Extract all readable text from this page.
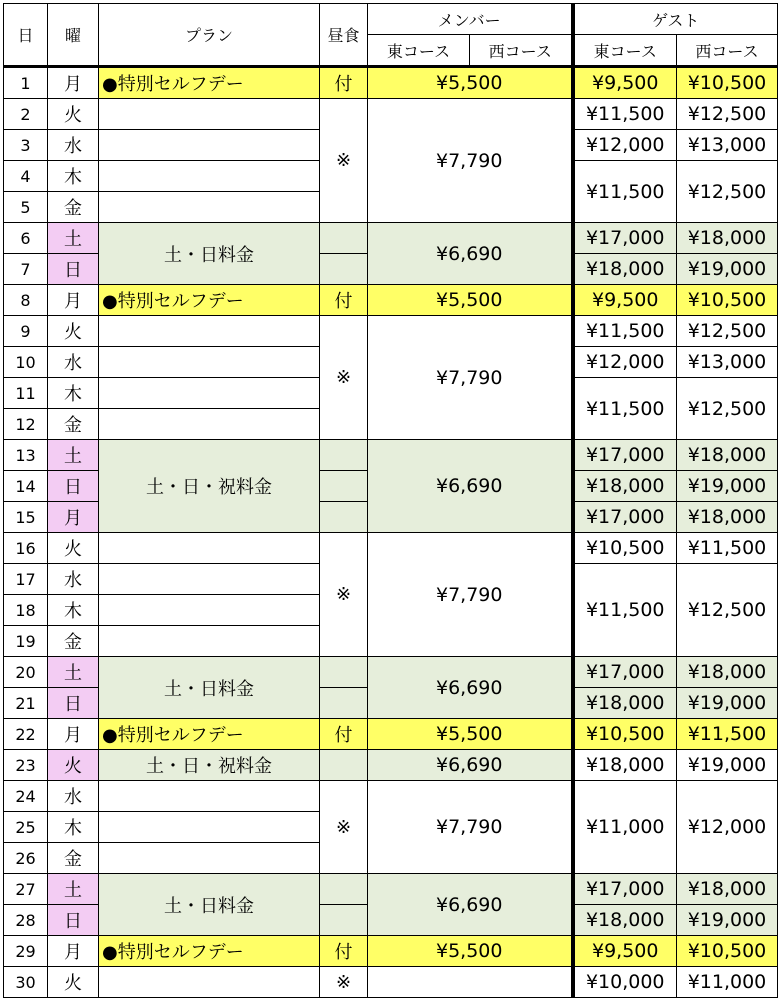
日	曜	プラン	昼食	メンバー		ゲスト	
				東コース	西コース	東コース	西コース
1	月	●特別セルフデー	付	¥5,500		¥9,500	¥10,500
2	火		※	¥7,790		¥11,500	¥12,500
3	水					¥12,000	¥13,000
4	木					¥11,500	¥12,500
5	金						
6	土	土・日料金		¥6,690		¥17,000	¥18,000
7	日					¥18,000	¥19,000
8	月	●特別セルフデー	付	¥5,500		¥9,500	¥10,500
9	火		※	¥7,790		¥11,500	¥12,500
10	水					¥12,000	¥13,000
11	木					¥11,500	¥12,500
12	金						
13	土	土・日・祝料金		¥6,690		¥17,000	¥18,000
14	日					¥18,000	¥19,000
15	月					¥17,000	¥18,000
16	火		※	¥7,790		¥10,500	¥11,500
17	水					¥11,500	¥12,500
18	木						
19	金						
20	土	土・日料金		¥6,690		¥17,000	¥18,000
21	日					¥18,000	¥19,000
22	月	●特別セルフデー	付	¥5,500		¥10,500	¥11,500
23	火	土・日・祝料金		¥6,690		¥18,000	¥19,000
24	水		※	¥7,790		¥11,000	¥12,000
25	木						
26	金						
27	土	土・日料金		¥6,690		¥17,000	¥18,000
28	日					¥18,000	¥19,000
29	月	●特別セルフデー	付	¥5,500		¥9,500	¥10,500
30	火		※			¥10,000	¥11,000
